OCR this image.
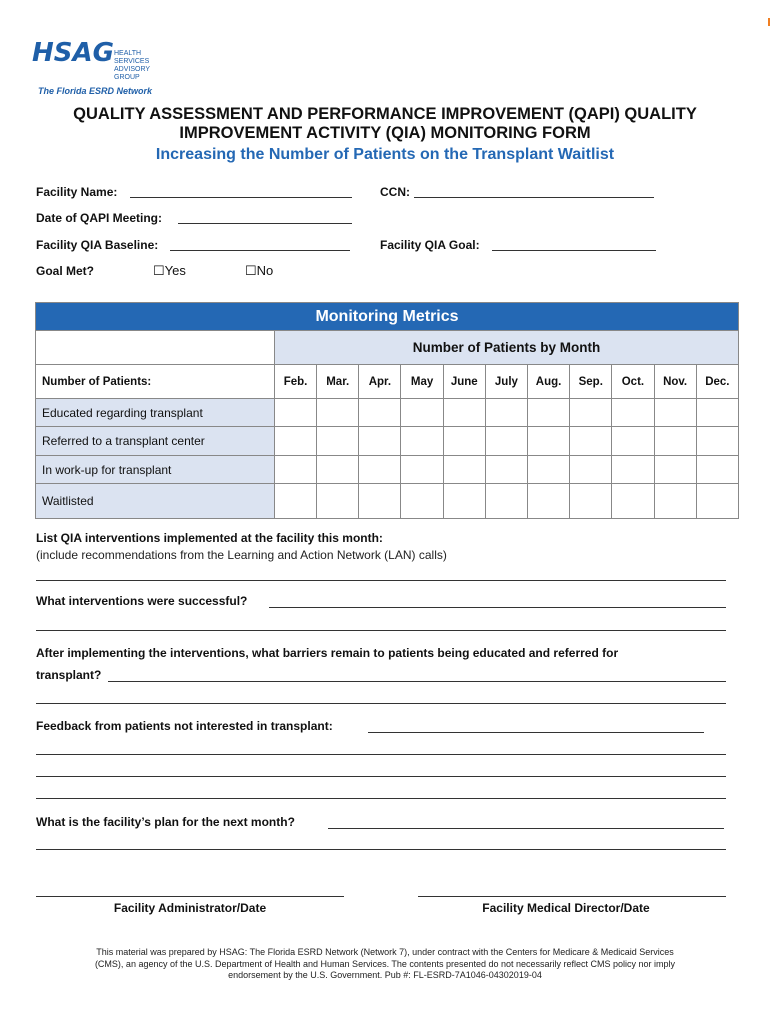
HSAG HEALTH SERVICES ADVISORY GROUP
The Florida ESRD Network
QUALITY ASSESSMENT AND PERFORMANCE IMPROVEMENT (QAPI) QUALITY
IMPROVEMENT ACTIVITY (QIA) MONITORING FORM
Increasing the Number of Patients on the Transplant Waitlist
Facility Name:	CCN:
Date of QAPI Meeting:
Facility QIA Baseline:	Facility QIA Goal:
Goal Met?	☐Yes	☐No
Monitoring Metrics											
	Number of Patients by Month										
Number of Patients:	Feb.	Mar.	Apr.	May	June	July	Aug.	Sep.	Oct.	Nov.	Dec.
Educated regarding transplant											
Referred to a transplant center											
In work-up for transplant											
Waitlisted											
List QIA interventions implemented at the facility this month:
(include recommendations from the Learning and Action Network (LAN) calls)
What interventions were successful?
After implementing the interventions, what barriers remain to patients being educated and referred for
transplant?
Feedback from patients not interested in transplant:
What is the facility’s plan for the next month?
Facility Administrator/Date	Facility Medical Director/Date
This material was prepared by HSAG: The Florida ESRD Network (Network 7), under contract with the Centers for Medicare & Medicaid Services
(CMS), an agency of the U.S. Department of Health and Human Services. The contents presented do not necessarily reflect CMS policy nor imply
endorsement by the U.S. Government. Pub #: FL-ESRD-7A1046-04302019-04
